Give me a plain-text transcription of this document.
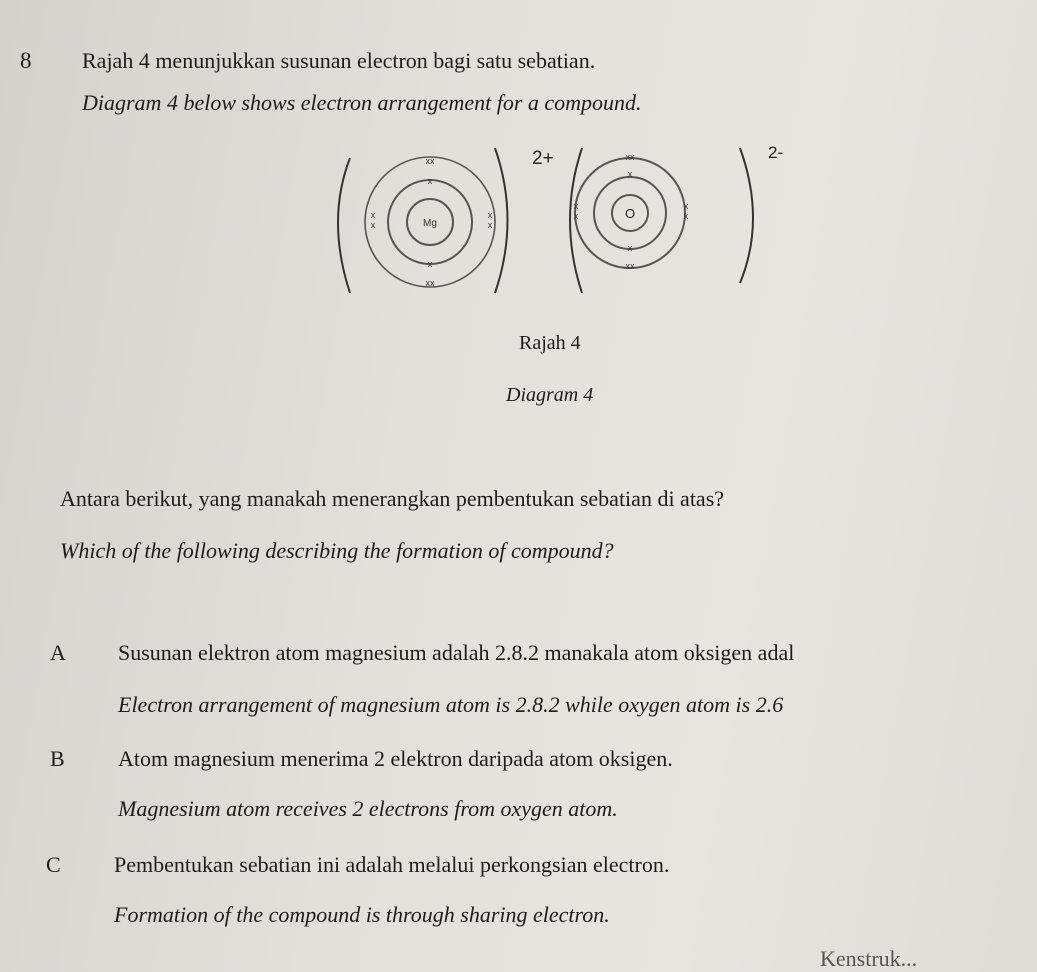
8 Rajah 4 menunjukkan susunan electron bagi satu sebatian.
Diagram 4 below shows electron arrangement for a compound.
Mg
xx
x
x
x
x
x
x
xx
2+
O
xx
x
x
x
x
x
x
xx
2-
Rajah 4
Diagram 4
Antara berikut, yang manakah menerangkan pembentukan sebatian di atas?
Which of the following describing the formation of compound?
A Susunan elektron atom magnesium adalah 2.8.2 manakala atom oksigen adal
Electron arrangement of magnesium atom is 2.8.2 while oxygen atom is 2.6
B Atom magnesium menerima 2 elektron daripada atom oksigen.
Magnesium atom receives 2 electrons from oxygen atom.
C Pembentukan sebatian ini adalah melalui perkongsian electron.
Formation of the compound is through sharing electron.
Kenstruk...
